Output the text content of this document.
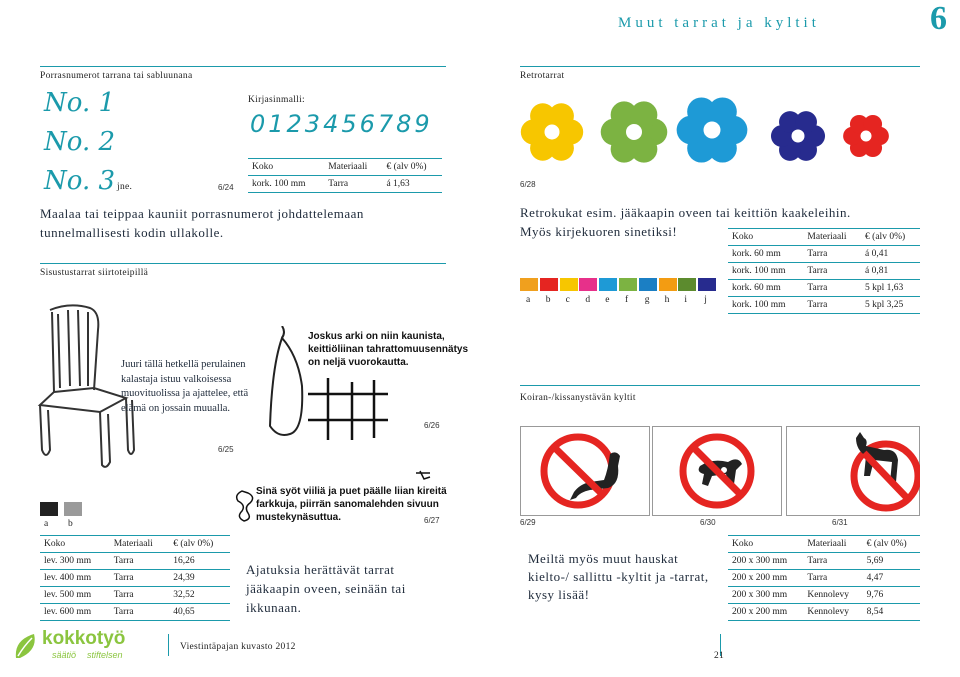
Muut tarrat ja kyltit	6
Porrasnumerot tarrana tai sabluunana
No. 1
No. 2
No. 3 jne.	6/24
Kirjasinmalli:
0123456789
Koko	Materiaali	€ (alv 0%)
kork. 100 mm	Tarra	á 1,63
Maalaa tai teippaa kauniit porrasnumerot johdattelemaan tunnelmallisesti kodin ullakolle.
Sisustustarrat siirtoteipillä
Juuri tällä hetkellä perulainen kalastaja istuu valkoisessa muovituolissa ja ajattelee, että elämä on jossain muualla.
6/25
Joskus arki on niin kaunista, keittiöliinan tahrattomuusennätys on neljä vuorokautta.
6/26
Sinä syöt viiliä ja puet päälle liian kireitä farkkuja, piirrän sanomalehden sivuun mustekynäsuttua.	6/27
a b
Koko	Materiaali	€ (alv 0%)
lev. 300 mm	Tarra	16,26
lev. 400 mm	Tarra	24,39
lev. 500 mm	Tarra	32,52
lev. 600 mm	Tarra	40,65
Ajatuksia herättävät tarrat jääkaapin oveen, seinään tai ikkunaan.
Retrotarrat
6/28
Retrokukat esim. jääkaapin oveen tai keittiön kaakeleihin.
Myös kirjekuoren sinetiksi!
a b c d e f g h i j
Koko	Materiaali	€ (alv 0%)
kork. 60 mm	Tarra	á 0,41
kork. 100 mm	Tarra	á 0,81
kork. 60 mm	Tarra	5 kpl 1,63
kork. 100 mm	Tarra	5 kpl 3,25
Koiran-/kissanystävän kyltit
6/29	6/30	6/31
Meiltä myös muut hauskat kielto-/ sallittu -kyltit ja -tarrat, kysy lisää!
Koko	Materiaali	€ (alv 0%)
200 x 300 mm	Tarra	5,69
200 x 200 mm	Tarra	4,47
200 x 300 mm	Kennolevy	9,76
200 x 200 mm	Kennolevy	8,54
kokkotyö
säätiö stiftelsen
Viestintäpajan kuvasto 2012
21
